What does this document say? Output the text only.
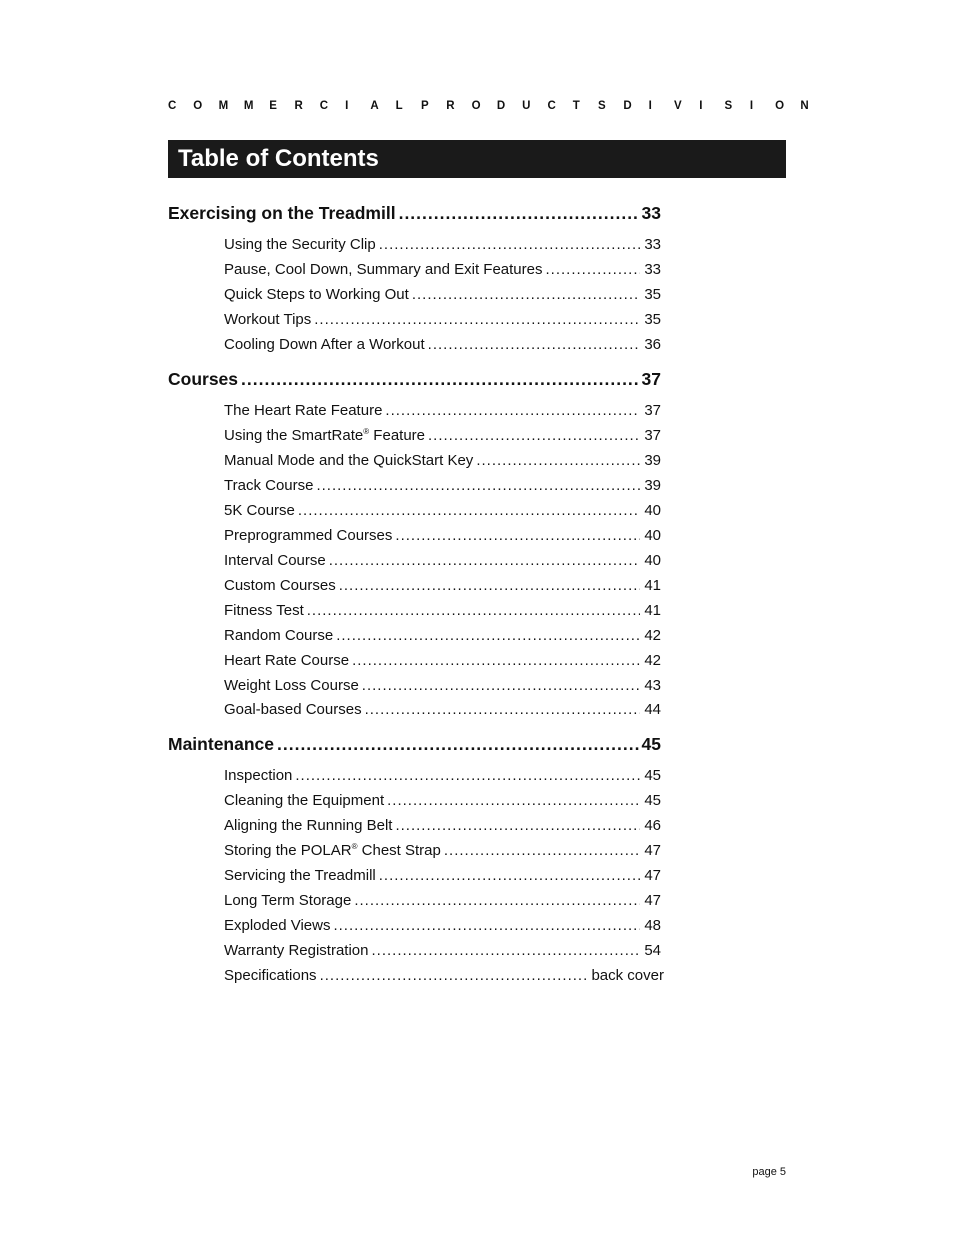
C	O	M	M	E	R	C	I	A	L	P	R	O	D	U	C	T	S	D	I	V	I	S	I	O	N
Table of Contents
Exercising on the Treadmill .....	33
Using the Security Clip .....	33
Pause, Cool Down, Summary and Exit Features .....	33
Quick Steps to Working Out .....	35
Workout Tips .....	35
Cooling Down After a Workout .....	36
Courses .....	37
The Heart Rate Feature .....	37
Using the SmartRate® Feature .....	37
Manual Mode and the QuickStart Key .....	39
Track Course .....	39
5K Course .....	40
Preprogrammed Courses .....	40
Interval Course .....	40
Custom Courses .....	41
Fitness Test .....	41
Random Course .....	42
Heart Rate Course .....	42
Weight Loss Course .....	43
Goal-based Courses .....	44
Maintenance .....	45
Inspection .....	45
Cleaning the Equipment .....	45
Aligning the Running Belt .....	46
Storing the POLAR® Chest Strap .....	47
Servicing the Treadmill .....	47
Long Term Storage .....	47
Exploded Views .....	48
Warranty Registration .....	54
Specifications .....	back cover
page 5
